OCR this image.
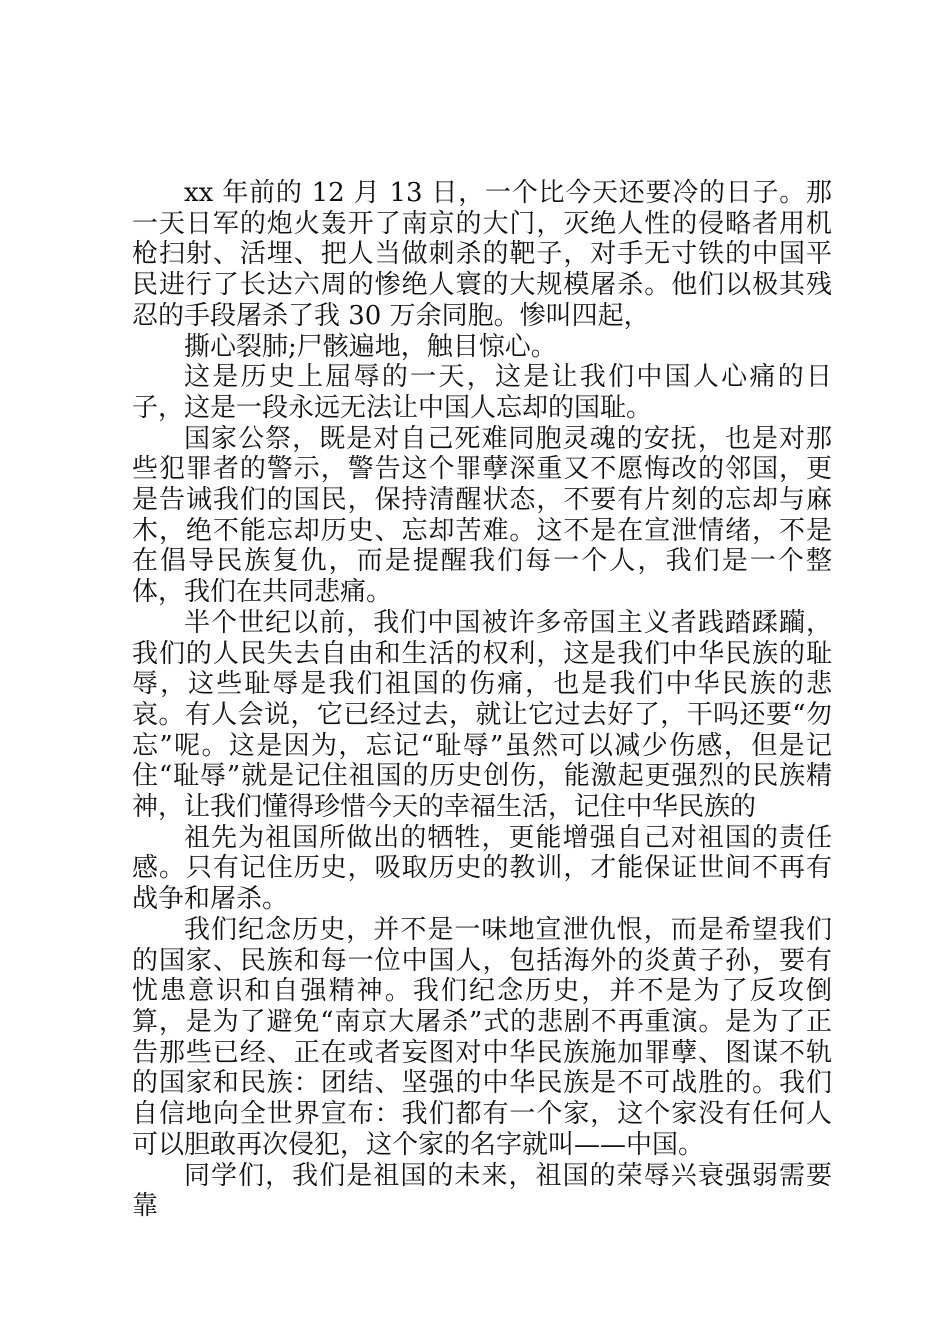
xx 年前的 12 月 13 日，一个比今天还要冷的日子。那一天日军的炮火轰开了南京的大门，灭绝人性的侵略者用机枪扫射、活埋、把人当做刺杀的靶子，对手无寸铁的中国平民进行了长达六周的惨绝人寰的大规模屠杀。他们以极其残忍的手段屠杀了我 30 万余同胞。惨叫四起，

撕心裂肺;尸骸遍地，触目惊心。

这是历史上屈辱的一天，这是让我们中国人心痛的日子，这是一段永远无法让中国人忘却的国耻。

国家公祭，既是对自己死难同胞灵魂的安抚，也是对那些犯罪者的警示，警告这个罪孽深重又不愿悔改的邻国，更是告诫我们的国民，保持清醒状态，不要有片刻的忘却与麻木，绝不能忘却历史、忘却苦难。这不是在宣泄情绪，不是在倡导民族复仇，而是提醒我们每一个人，我们是一个整体，我们在共同悲痛。

半个世纪以前，我们中国被许多帝国主义者践踏蹂躏，我们的人民失去自由和生活的权利，这是我们中华民族的耻辱，这些耻辱是我们祖国的伤痛，也是我们中华民族的悲哀。有人会说，它已经过去，就让它过去好了，干吗还要“勿忘”呢。这是因为，忘记“耻辱”虽然可以减少伤感，但是记住“耻辱”就是记住祖国的历史创伤，能激起更强烈的民族精神，让我们懂得珍惜今天的幸福生活，记住中华民族的

祖先为祖国所做出的牺牲，更能增强自己对祖国的责任感。只有记住历史，吸取历史的教训，才能保证世间不再有战争和屠杀。

我们纪念历史，并不是一味地宣泄仇恨，而是希望我们的国家、民族和每一位中国人，包括海外的炎黄子孙，要有忧患意识和自强精神。我们纪念历史，并不是为了反攻倒算，是为了避免“南京大屠杀”式的悲剧不再重演。是为了正告那些已经、正在或者妄图对中华民族施加罪孽、图谋不轨的国家和民族：团结、坚强的中华民族是不可战胜的。我们自信地向全世界宣布：我们都有一个家，这个家没有任何人可以胆敢再次侵犯，这个家的名字就叫——中国。

同学们，我们是祖国的未来，祖国的荣辱兴衰强弱需要靠
